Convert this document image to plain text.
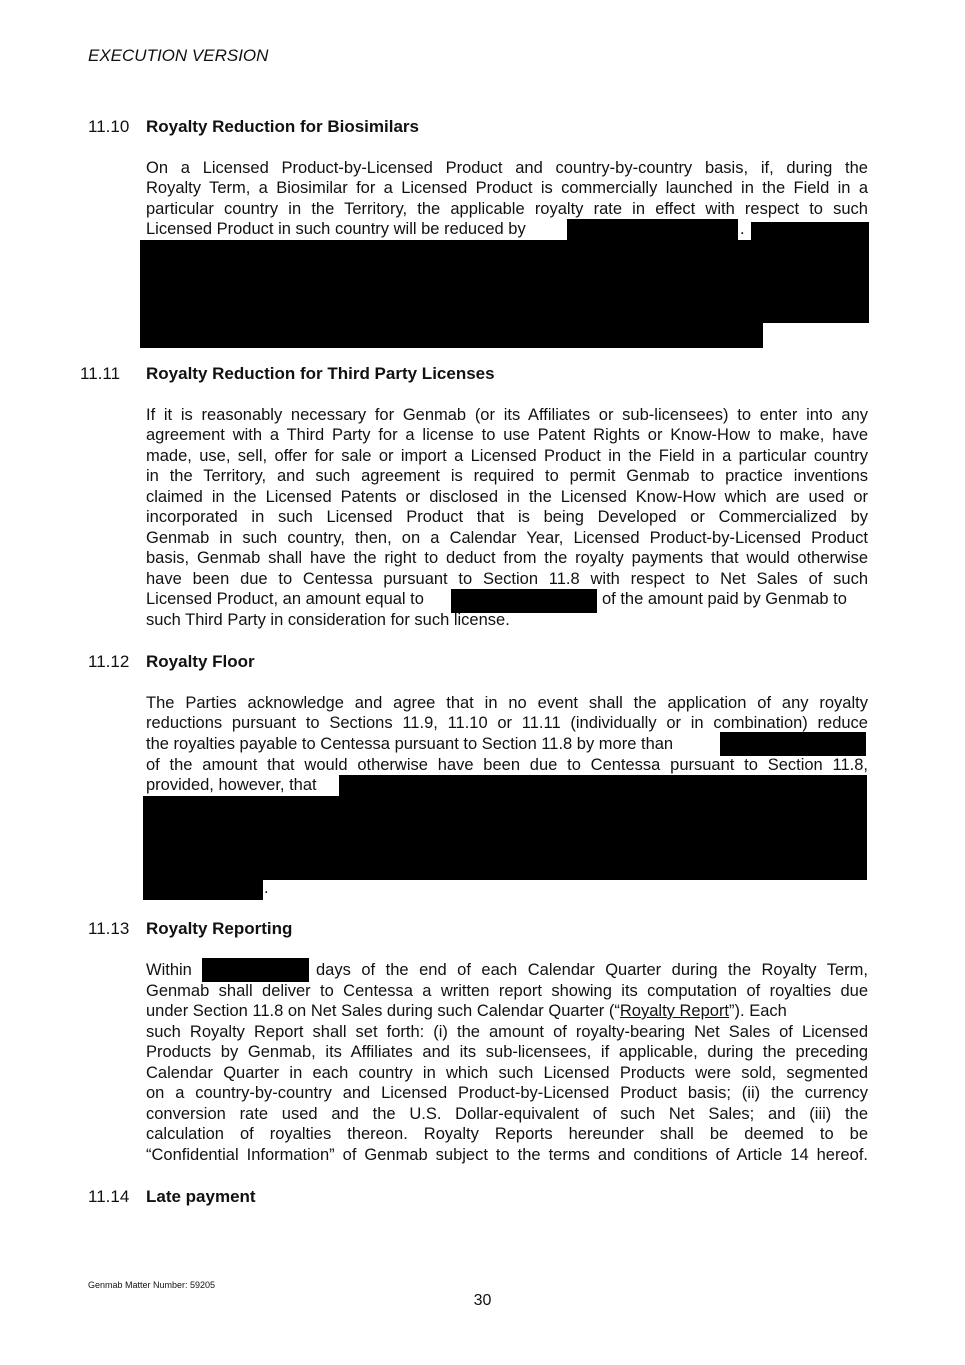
EXECUTION VERSION
11.10 Royalty Reduction for Biosimilars
On a Licensed Product-by-Licensed Product and country-by-country basis, if, during the
Royalty Term, a Biosimilar for a Licensed Product is commercially launched in the Field in a
particular country in the Territory, the applicable royalty rate in effect with respect to such
Licensed Product in such country will be reduced by	.
11.11 Royalty Reduction for Third Party Licenses
If it is reasonably necessary for Genmab (or its Affiliates or sub-licensees) to enter into any
agreement with a Third Party for a license to use Patent Rights or Know-How to make, have
made, use, sell, offer for sale or import a Licensed Product in the Field in a particular country
in the Territory, and such agreement is required to permit Genmab to practice inventions
claimed in the Licensed Patents or disclosed in the Licensed Know-How which are used or
incorporated in such Licensed Product that is being Developed or Commercialized by
Genmab in such country, then, on a Calendar Year, Licensed Product-by-Licensed Product
basis, Genmab shall have the right to deduct from the royalty payments that would otherwise
have been due to Centessa pursuant to Section 11.8 with respect to Net Sales of such
Licensed Product, an amount equal to	of the amount paid by Genmab to
such Third Party in consideration for such license.
11.12 Royalty Floor
The Parties acknowledge and agree that in no event shall the application of any royalty
reductions pursuant to Sections 11.9, 11.10 or 11.11 (individually or in combination) reduce
the royalties payable to Centessa pursuant to Section 11.8 by more than
of the amount that would otherwise have been due to Centessa pursuant to Section 11.8,
provided, however, that
.
11.13 Royalty Reporting
Within	days of the end of each Calendar Quarter during the Royalty Term,
Genmab shall deliver to Centessa a written report showing its computation of royalties due
under Section 11.8 on Net Sales during such Calendar Quarter (“Royalty Report”). Each
such Royalty Report shall set forth: (i) the amount of royalty-bearing Net Sales of Licensed
Products by Genmab, its Affiliates and its sub-licensees, if applicable, during the preceding
Calendar Quarter in each country in which such Licensed Products were sold, segmented
on a country-by-country and Licensed Product-by-Licensed Product basis; (ii) the currency
conversion rate used and the U.S. Dollar-equivalent of such Net Sales; and (iii) the
calculation of royalties thereon. Royalty Reports hereunder shall be deemed to be
“Confidential Information” of Genmab subject to the terms and conditions of Article 14 hereof.
11.14 Late payment
Genmab Matter Number: 59205
30
